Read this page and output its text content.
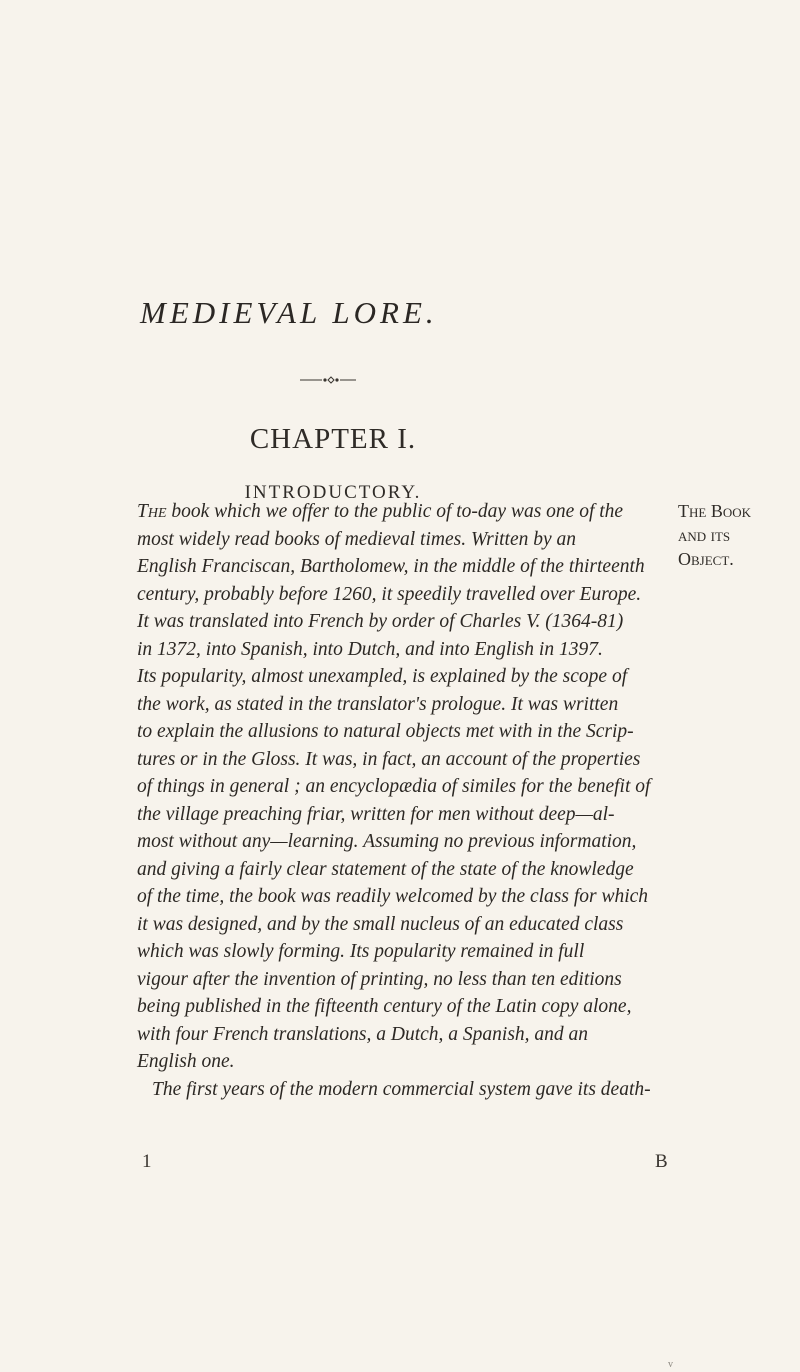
MEDIEVAL LORE.
CHAPTER I.
INTRODUCTORY.
The Book
and its
Object.
The book which we offer to the public of to-day was one of the
most widely read books of medieval times. Written by an
English Franciscan, Bartholomew, in the middle of the thirteenth
century, probably before 1260, it speedily travelled over Europe.
It was translated into French by order of Charles V. (1364-81)
in 1372, into Spanish, into Dutch, and into English in 1397.
Its popularity, almost unexampled, is explained by the scope of
the work, as stated in the translator's prologue. It was written
to explain the allusions to natural objects met with in the Scrip-
tures or in the Gloss. It was, in fact, an account of the properties
of things in general ; an encyclopædia of similes for the benefit of
the village preaching friar, written for men without deep—al-
most without any—learning. Assuming no previous information,
and giving a fairly clear statement of the state of the knowledge
of the time, the book was readily welcomed by the class for which
it was designed, and by the small nucleus of an educated class
which was slowly forming. Its popularity remained in full
vigour after the invention of printing, no less than ten editions
being published in the fifteenth century of the Latin copy alone,
with four French translations, a Dutch, a Spanish, and an
English one.
The first years of the modern commercial system gave its death-
1	B
v
